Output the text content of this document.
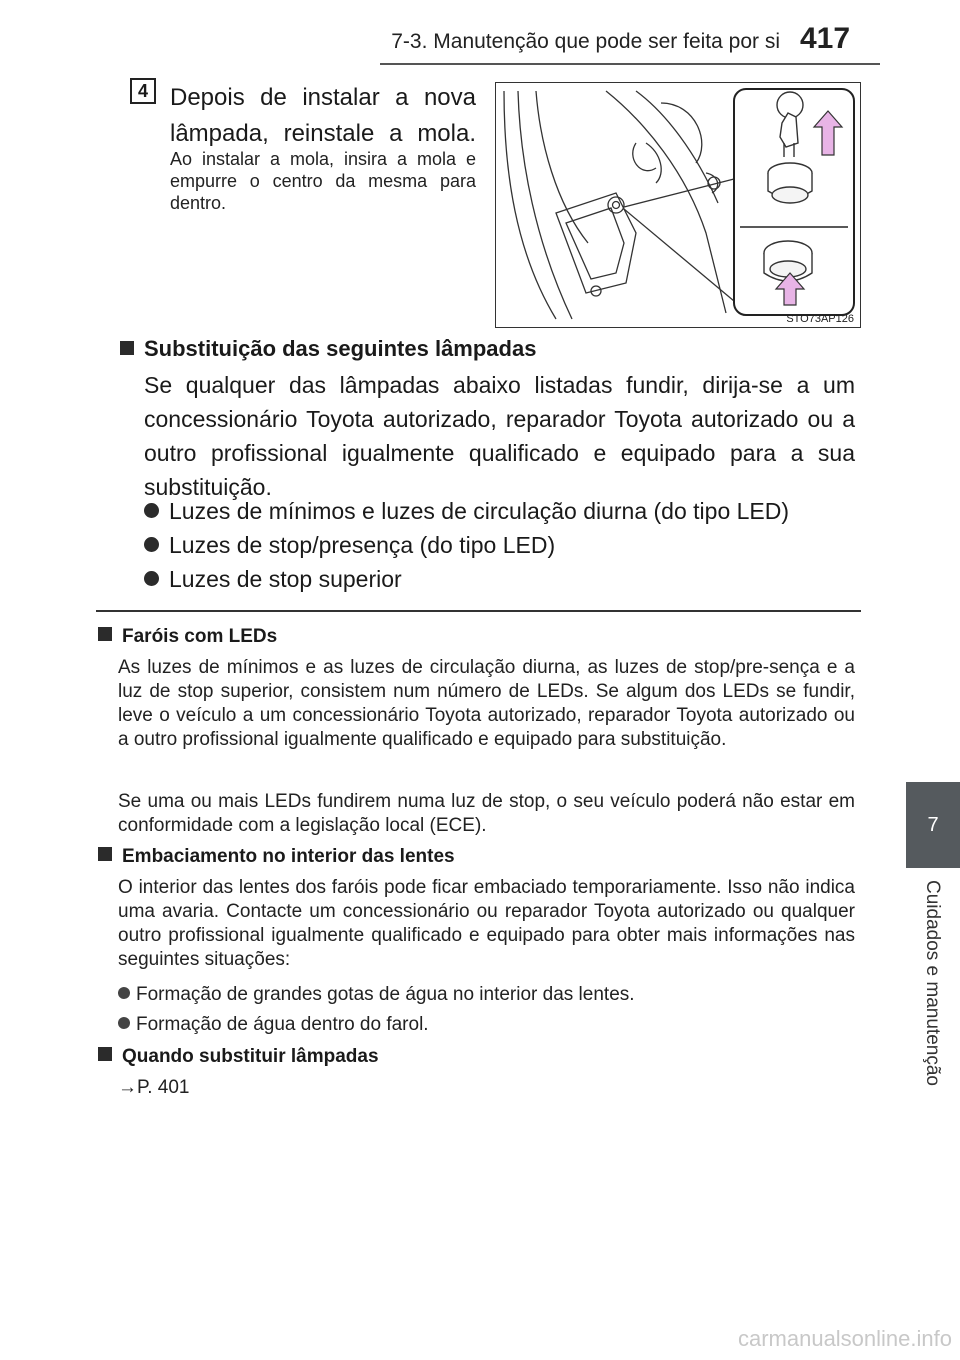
7-3. Manutenção que pode ser feita por si 417
7
Cuidados e manutenção
4 Depois de instalar a nova lâmpada, reinstale a mola.
Ao instalar a mola, insira a mola e empurre o centro da mesma para dentro.
STO73AP126
Substituição das seguintes lâmpadas
Se qualquer das lâmpadas abaixo listadas fundir, dirija-se a um concessionário Toyota autorizado, reparador Toyota autorizado ou a outro profissional igualmente qualificado e equipado para a sua substituição.
Luzes de mínimos e luzes de circulação diurna (do tipo LED)
Luzes de stop/presença (do tipo LED)
Luzes de stop superior
Faróis com LEDs
As luzes de mínimos e as luzes de circulação diurna, as luzes de stop/pre-sença e a luz de stop superior, consistem num número de LEDs. Se algum dos LEDs se fundir, leve o veículo a um concessionário Toyota autorizado, reparador Toyota autorizado ou a outro profissional igualmente qualificado e equipado para substituição.
Se uma ou mais LEDs fundirem numa luz de stop, o seu veículo poderá não estar em conformidade com a legislação local (ECE).
Embaciamento no interior das lentes
O interior das lentes dos faróis pode ficar embaciado temporariamente. Isso não indica uma avaria. Contacte um concessionário ou reparador Toyota autorizado ou qualquer outro profissional igualmente qualificado e equipado para obter mais informações nas seguintes situações:
Formação de grandes gotas de água no interior das lentes.
Formação de água dentro do farol.
Quando substituir lâmpadas
→P. 401
carmanualsonline.info
